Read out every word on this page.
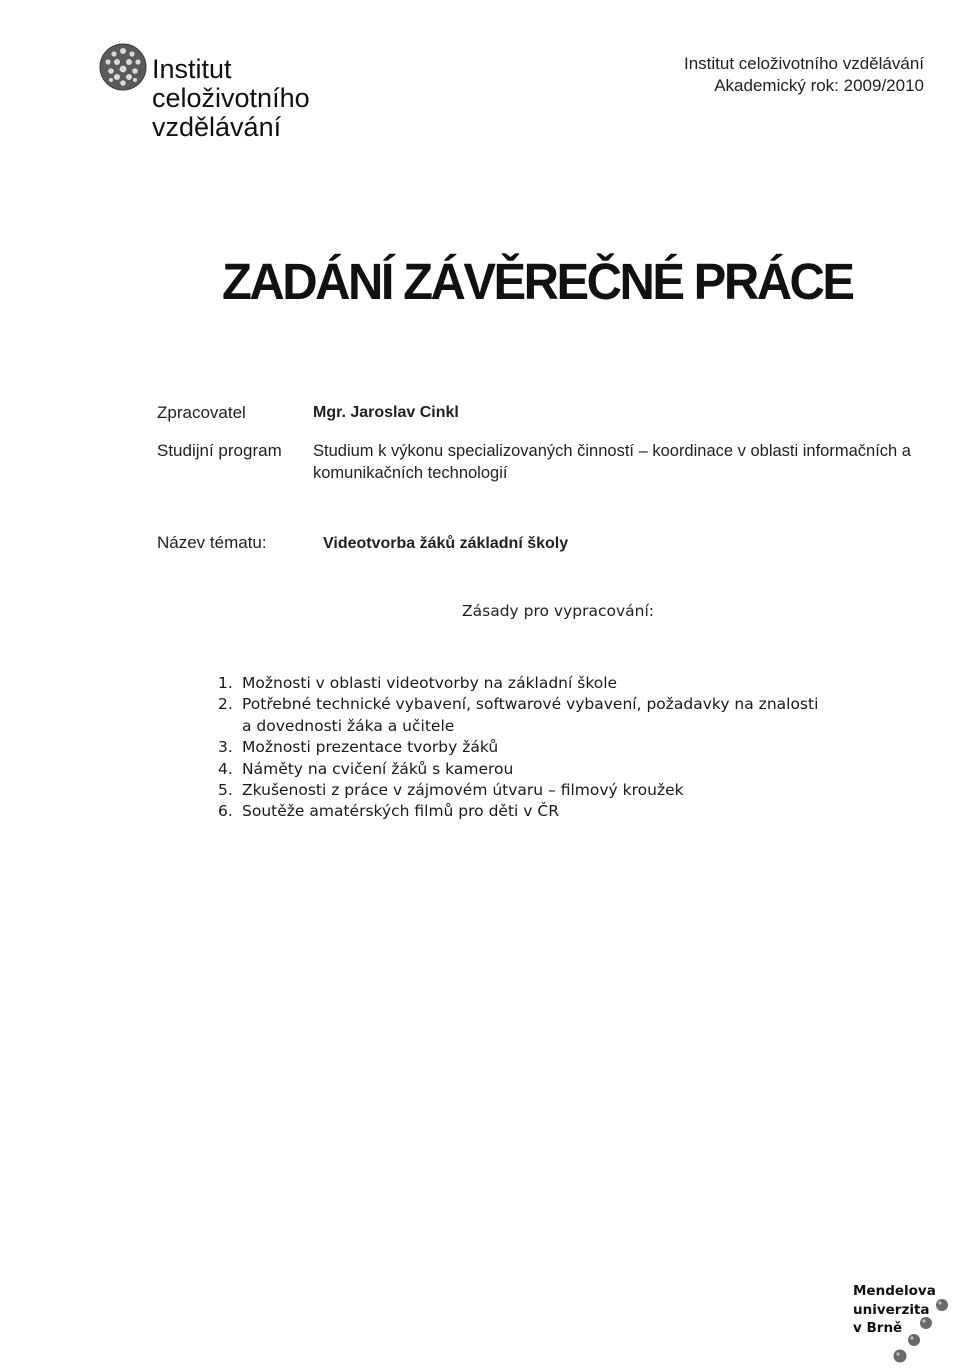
Institut
celoživotního
vzdělávání
Institut celoživotního vzdělávání
Akademický rok: 2009/2010
ZADÁNÍ ZÁVĚREČNÉ PRÁCE
Zpracovatel	Mgr. Jaroslav Cinkl
Studijní program Studium k výkonu specializovaných činností – koordinace v oblasti informačních a komunikačních technologií
Název tématu:	Videotvorba žáků základní školy
Zásady pro vypracování:
1. Možnosti v oblasti videotvorby na základní škole
2. Potřebné technické vybavení, softwarové vybavení, požadavky na znalosti
a dovednosti žáka a učitele
3. Možnosti prezentace tvorby žáků
4. Náměty na cvičení žáků s kamerou
5. Zkušenosti z práce v zájmovém útvaru – filmový kroužek
6. Soutěže amatérských filmů pro děti v ČR
Mendelova
univerzita
v Brně
